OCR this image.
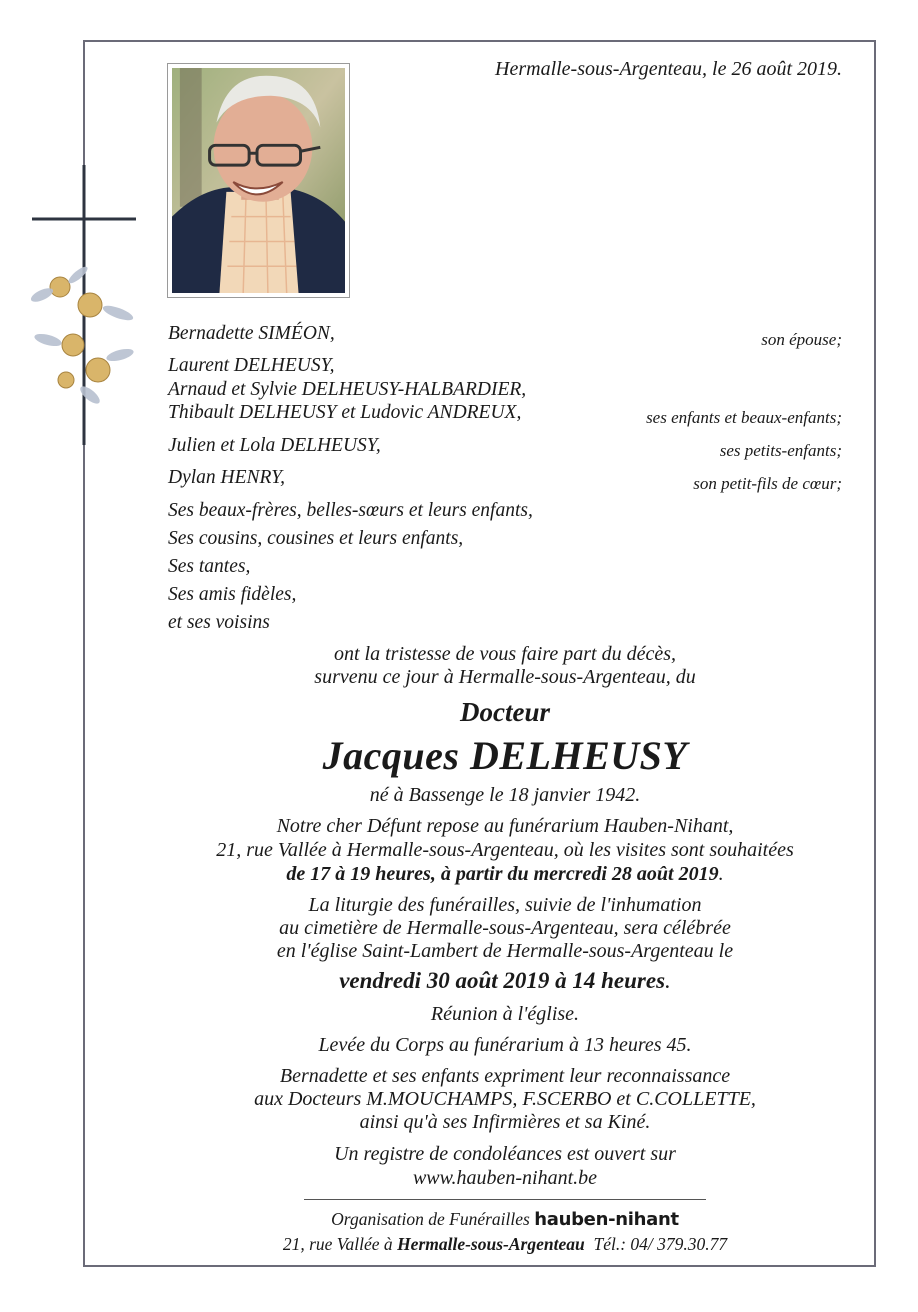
Hermalle-sous-Argenteau, le 26 août 2019.
Bernadette SIMÉON,
Laurent DELHEUSY,
Arnaud et Sylvie DELHEUSY-HALBARDIER,
Thibault DELHEUSY et Ludovic ANDREUX,
Julien et Lola DELHEUSY,
Dylan HENRY,
Ses beaux-frères, belles-sœurs et leurs enfants,
Ses cousins, cousines et leurs enfants,
Ses tantes,
Ses amis fidèles,
et ses voisins
son épouse;
ses enfants et beaux-enfants;
ses petits-enfants;
son petit-fils de cœur;
ont la tristesse de vous faire part du décès,
survenu ce jour à Hermalle-sous-Argenteau, du
Docteur
Jacques DELHEUSY
né à Bassenge le 18 janvier 1942.
Notre cher Défunt repose au funérarium Hauben-Nihant,
21, rue Vallée à Hermalle-sous-Argenteau, où les visites sont souhaitées
de 17 à 19 heures, à partir du mercredi 28 août 2019.
La liturgie des funérailles, suivie de l'inhumation
au cimetière de Hermalle-sous-Argenteau, sera célébrée
en l'église Saint-Lambert de Hermalle-sous-Argenteau le
vendredi 30 août 2019 à 14 heures.
Réunion à l'église.
Levée du Corps au funérarium à 13 heures 45.
Bernadette et ses enfants expriment leur reconnaissance
aux Docteurs M.MOUCHAMPS, F.SCERBO et C.COLLETTE,
ainsi qu'à ses Infirmières et sa Kiné.
Un registre de condoléances est ouvert sur
www.hauben-nihant.be
Organisation de Funérailles hauben-nihant
21, rue Vallée à Hermalle-sous-Argenteau Tél.: 04/ 379.30.77
